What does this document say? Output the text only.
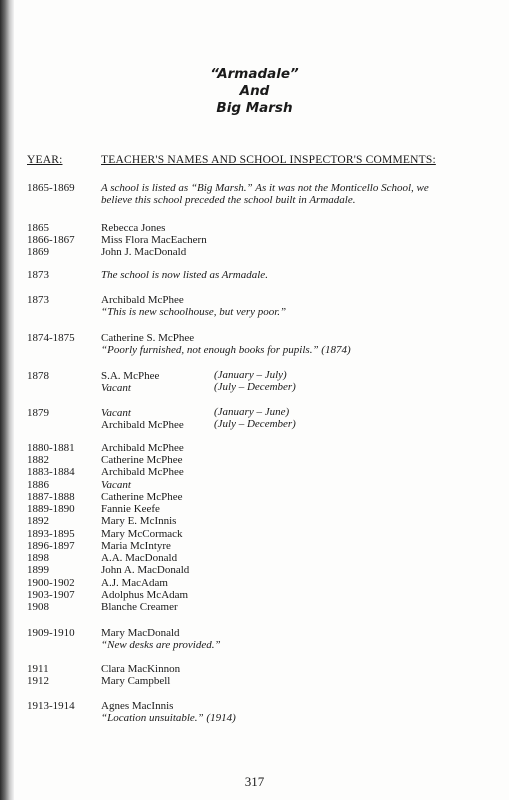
“Armadale”
And
Big Marsh
YEAR:	TEACHER'S NAMES AND SCHOOL INSPECTOR'S COMMENTS:
1865-1869 A school is listed as “Big Marsh.” As it was not the Monticello School, we
believe this school preceded the school built in Armadale.
1865	Rebecca Jones
1866-1867 Miss Flora MacEachern
1869	John J. MacDonald
1873	The school is now listed as Armadale.
1873	Archibald McPhee
“This is new schoolhouse, but very poor.”
1874-1875 Catherine S. McPhee
“Poorly furnished, not enough books for pupils.” (1874)
1878	S.A. McPhee	(January – July)
Vacant	(July – December)
1879	Vacant	(January – June)
Archibald McPhee	(July – December)
1880-1881 Archibald McPhee
1882	Catherine McPhee
1883-1884 Archibald McPhee
1886	Vacant
1887-1888 Catherine McPhee
1889-1890 Fannie Keefe
1892	Mary E. McInnis
1893-1895 Mary McCormack
1896-1897 Maria McIntyre
1898	A.A. MacDonald
1899	John A. MacDonald
1900-1902 A.J. MacAdam
1903-1907 Adolphus McAdam
1908	Blanche Creamer
1909-1910 Mary MacDonald
“New desks are provided.”
1911	Clara MacKinnon
1912	Mary Campbell
1913-1914 Agnes MacInnis
“Location unsuitable.” (1914)
317
